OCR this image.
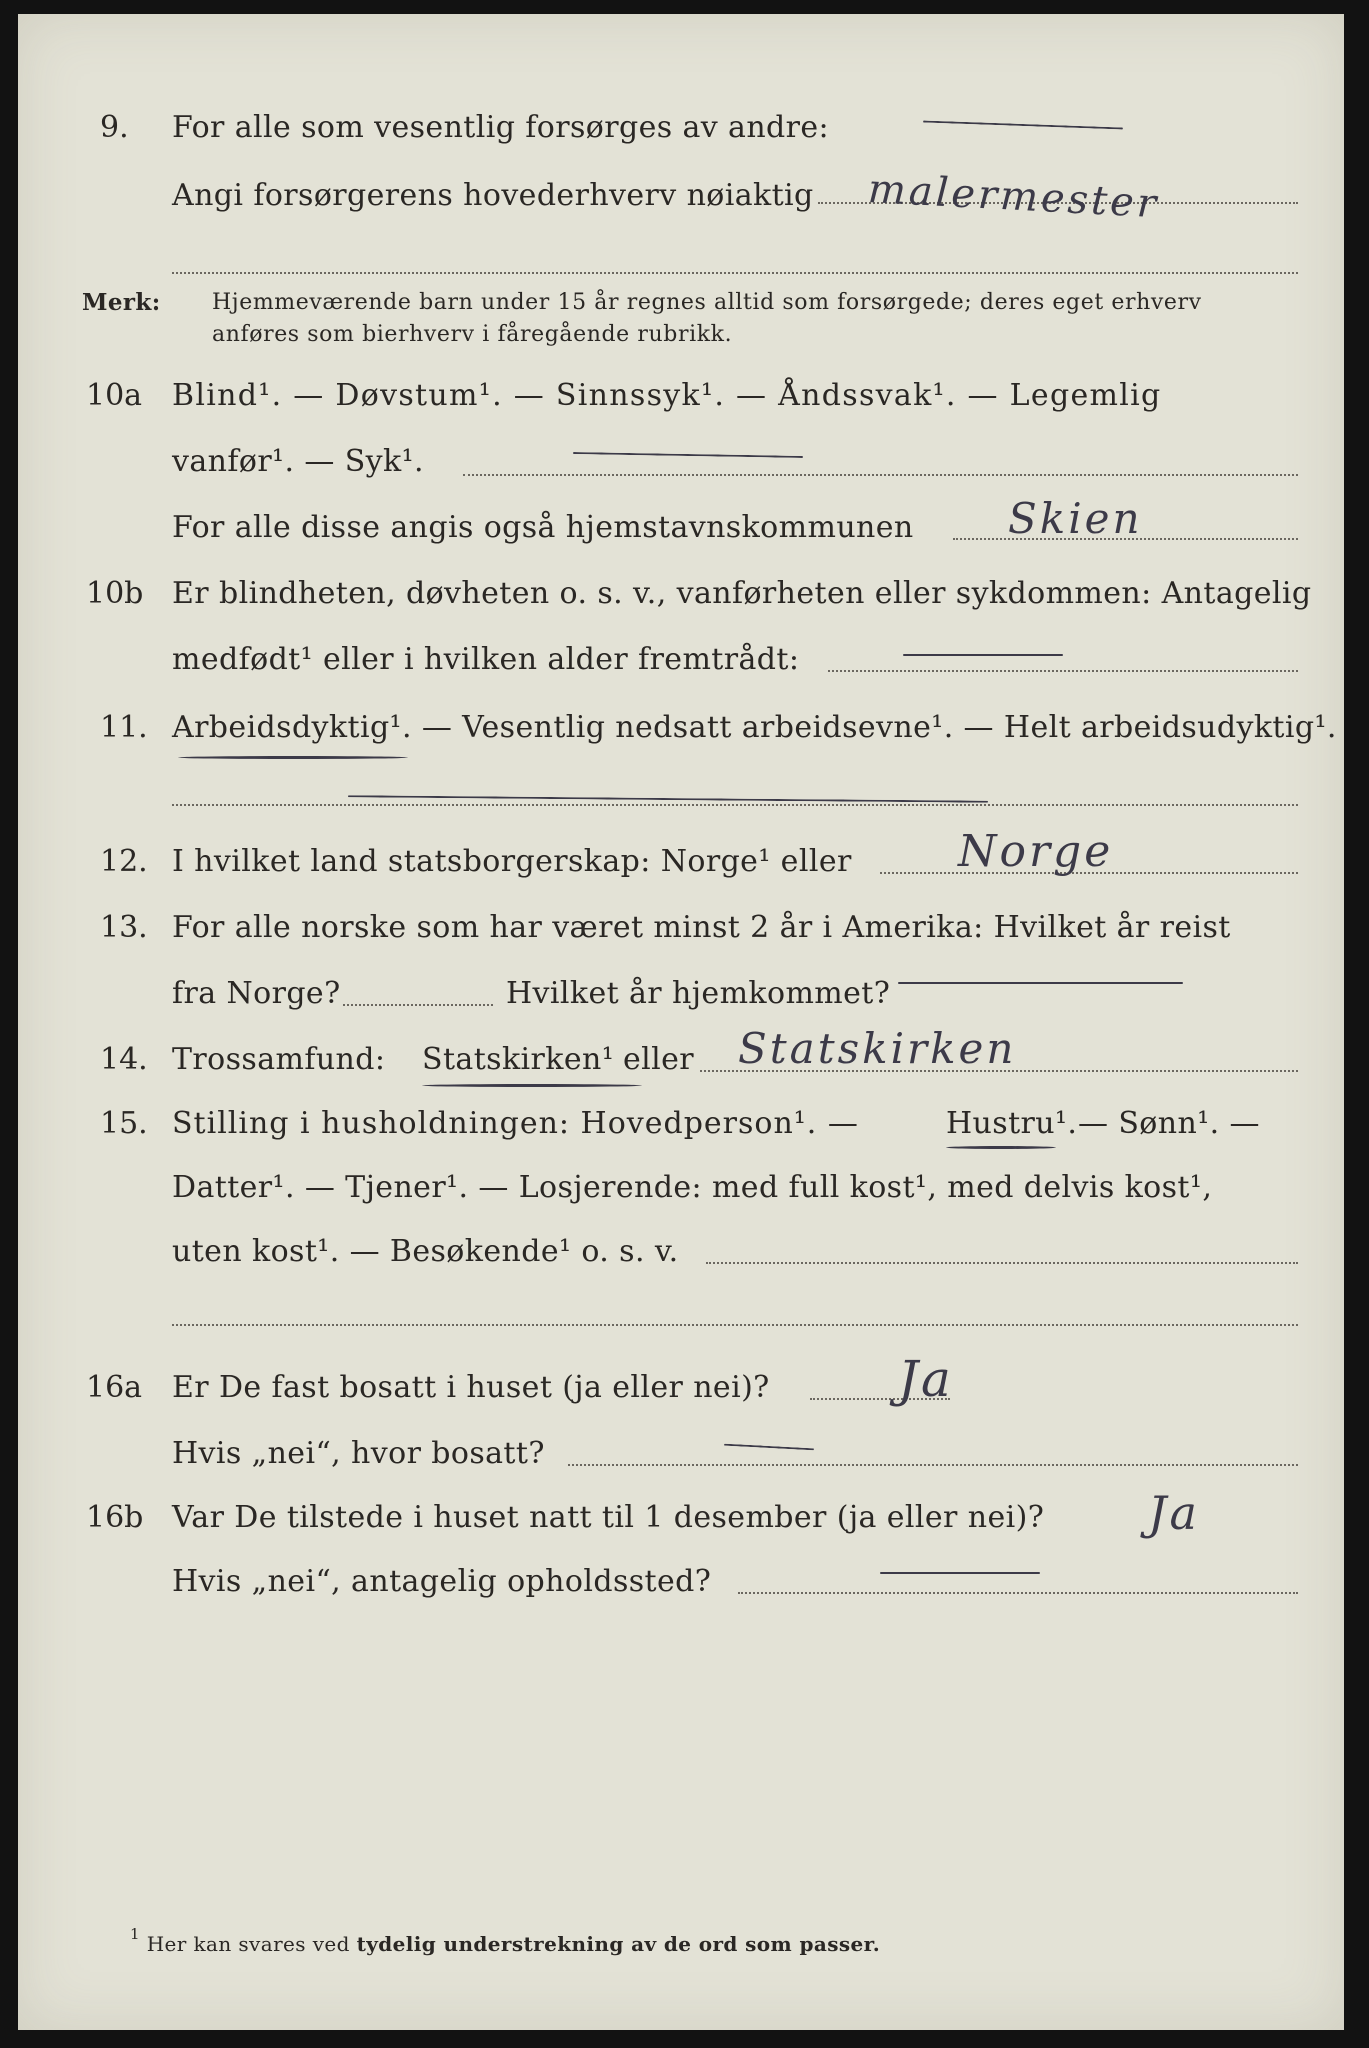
9. For alle som vesentlig forsørges av andre:
Angi forsørgerens hovederhverv nøiaktig malermester
Merk: Hjemmeværende barn under 15 år regnes alltid som forsørgede; deres eget erhverv
anføres som bierhverv i fåregående rubrikk.
10a Blind¹. — Døvstum¹. — Sinnssyk¹. — Åndssvak¹. — Legemlig
vanfør¹. — Syk¹.
For alle disse angis også hjemstavnskommunen Skien
10b Er blindheten, døvheten o. s. v., vanførheten eller sykdommen: Antagelig
medfødt¹ eller i hvilken alder fremtrådt:
11. Arbeidsdyktig¹. — Vesentlig nedsatt arbeidsevne¹. — Helt arbeidsudyktig¹.
12. I hvilket land statsborgerskap: Norge¹ eller Norge
13. For alle norske som har været minst 2 år i Amerika: Hvilket år reist
fra Norge?	Hvilket år hjemkommet?
14. Trossamfund: Statskirken¹ eller Statskirken
15. Stilling i husholdningen: Hovedperson¹. —	Hustru¹. — Sønn¹. —
Datter¹. — Tjener¹. — Losjerende: med full kost¹, med delvis kost¹,
uten kost¹. — Besøkende¹ o. s. v.
16a Er De fast bosatt i huset (ja eller nei)?	Ja
Hvis „nei“, hvor bosatt?
16b Var De tilstede i huset natt til 1 desember (ja eller nei)? Ja
Hvis „nei“, antagelig opholdssted?
$^1$ Her kan svares ved tydelig understrekning av de ord som passer.
